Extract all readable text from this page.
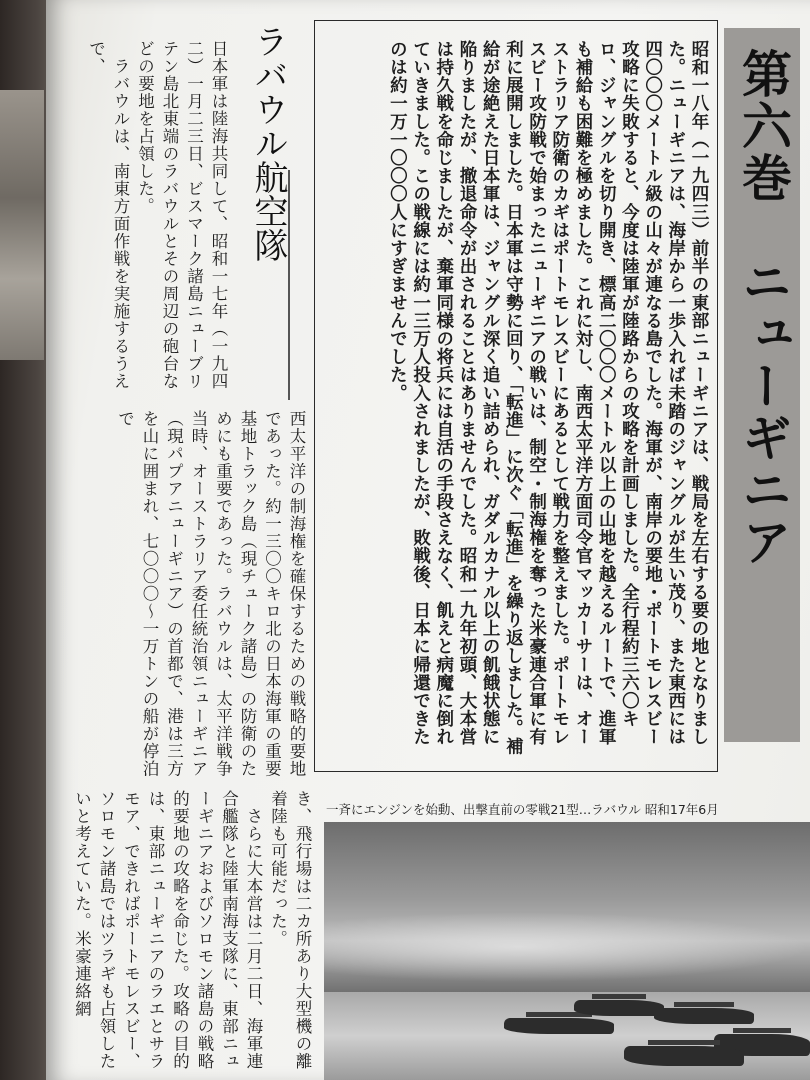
第六巻　ニューギニア

昭和一八年（一九四三）前半の東部ニューギニアは、戦局を左右する要の地となりました。ニューギニアは、海岸から一歩入れば未踏のジャングルが生い茂り、また東西には四〇〇〇メートル級の山々が連なる島でした。海軍が、南岸の要地・ポートモレスビー攻略に失敗すると、今度は陸軍が陸路からの攻略を計画しました。全行程約三六〇キロ、ジャングルを切り開き、標高二〇〇〇メートル以上の山地を越えるルートで、進軍も補給も困難を極めました。これに対し、南西太平洋方面司令官マッカーサーは、オーストラリア防衛のカギはポートモレスビーにあるとして戦力を整えました。ポートモレスビー攻防戦で始まったニューギニアの戦いは、制空・制海権を奪った米豪連合軍に有利に展開しました。日本軍は守勢に回り、「転進」に次ぐ「転進」を繰り返しました。補給が途絶えた日本軍は、ジャングル深く追い詰められ、ガダルカナル以上の飢餓状態に陥りましたが、撤退命令が出されることはありませんでした。昭和一九年初頭、大本営は持久戦を命じましたが、棄軍同様の将兵には自活の手段さえなく、飢えと病魔に倒れていきました。この戦線には約一三万人投入されましたが、敗戦後、日本に帰還できたのは約一万一〇〇〇人にすぎませんでした。

ラバウル航空隊

日本軍は陸海共同して、昭和一七年（一九四二）一月二三日、ビスマーク諸島ニューブリテン島北東端のラバウルとその周辺の砲台などの要地を占領した。
　ラバウルは、南東方面作戦を実施するうえで、

西太平洋の制海権を確保するための戦略的要地であった。約一三〇〇キロ北の日本海軍の重要基地トラック島（現チューク諸島）の防衛のためにも重要であった。ラバウルは、太平洋戦争当時、オーストラリア委任統治領ニューギニア（現パプアニューギニア）の首都で、港は三方を山に囲まれ、七〇〇〇〜一万トンの船が停泊で

き、飛行場は二カ所あり大型機の離着陸も可能だった。
　さらに大本営は二月二日、海軍連合艦隊と陸軍南海支隊に、東部ニューギニアおよびソロモン諸島の戦略的要地の攻略を命じた。攻略の目的は、東部ニューギニアのラエとサラモア、できればポートモレスビー、ソロモン諸島ではツラギも占領したいと考えていた。米豪連絡網	一斉にエンジンを始動、出撃直前の零戦21型…ラバウル 昭和17年6月
